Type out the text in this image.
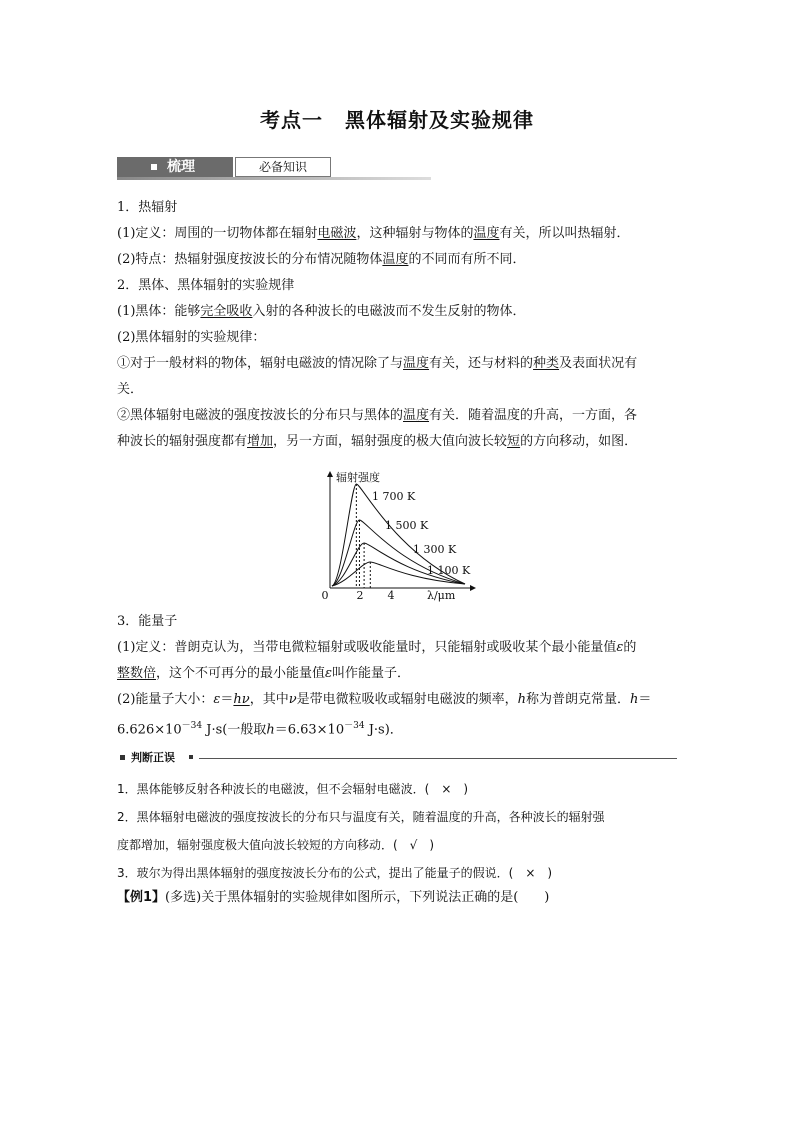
考点一 黑体辐射及实验规律
梳理	必备知识
1．热辐射
(1)定义：周围的一切物体都在辐射电磁波，这种辐射与物体的温度有关，所以叫热辐射．
(2)特点：热辐射强度按波长的分布情况随物体温度的不同而有所不同．
2．黑体、黑体辐射的实验规律
(1)黑体：能够完全吸收入射的各种波长的电磁波而不发生反射的物体．
(2)黑体辐射的实验规律：
①对于一般材料的物体，辐射电磁波的情况除了与温度有关，还与材料的种类及表面状况有
关．
②黑体辐射电磁波的强度按波长的分布只与黑体的温度有关．随着温度的升高，一方面，各
种波长的辐射强度都有增加，另一方面，辐射强度的极大值向波长较短的方向移动，如图．
辐射强度
0	2 4	λ/μm
1 700 K
1 500 K
1 300 K
1 100 K
3．能量子
(1)定义：普朗克认为，当带电微粒辐射或吸收能量时，只能辐射或吸收某个最小能量值ε的
整数倍，这个不可再分的最小能量值ε叫作能量子．
(2)能量子大小：ε＝hν，其中ν是带电微粒吸收或辐射电磁波的频率，h称为普朗克常量．h＝
$6.626\times 10^{-34}$ J·s(一般取$h=6.63\times 10^{-34}$ J·s)．
判断正误
1．黑体能够反射各种波长的电磁波，但不会辐射电磁波．(　×　)
2．黑体辐射电磁波的强度按波长的分布只与温度有关，随着温度的升高，各种波长的辐射强
度都增加，辐射强度极大值向波长较短的方向移动．(　√　)
3．玻尔为得出黑体辐射的强度按波长分布的公式，提出了能量子的假说．(　×　)
【例1】(多选)关于黑体辐射的实验规律如图所示，下列说法正确的是(　　)
